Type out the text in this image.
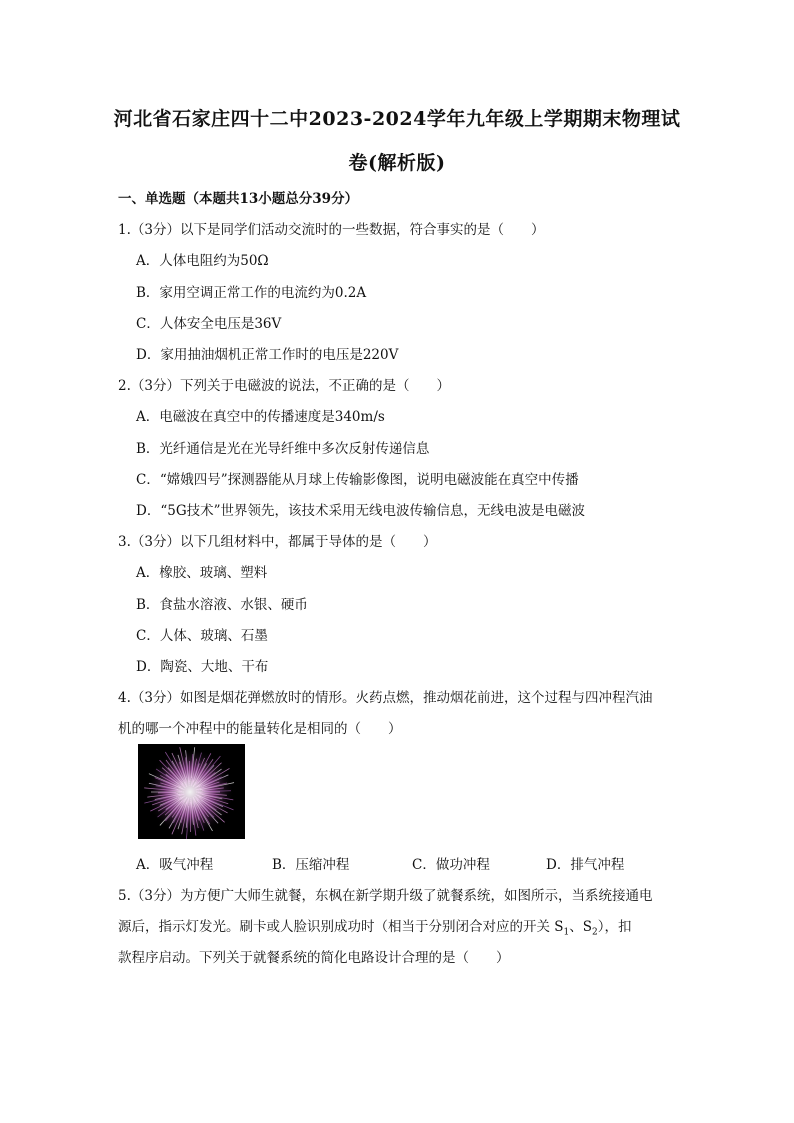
河北省石家庄四十二中2023-2024学年九年级上学期期末物理试
卷(解析版)
一、单选题（本题共13小题总分39分）
1.（3分）以下是同学们活动交流时的一些数据，符合事实的是（　　）
A．人体电阻约为50Ω
B．家用空调正常工作的电流约为0.2A
C．人体安全电压是36V
D．家用抽油烟机正常工作时的电压是220V
2.（3分）下列关于电磁波的说法，不正确的是（　　）
A．电磁波在真空中的传播速度是340m/s
B．光纤通信是光在光导纤维中多次反射传递信息
C．“嫦娥四号”探测器能从月球上传输影像图，说明电磁波能在真空中传播
D．“5G技术”世界领先，该技术采用无线电波传输信息，无线电波是电磁波
3.（3分）以下几组材料中，都属于导体的是（　　）
A．橡胶、玻璃、塑料
B．食盐水溶液、水银、硬币
C．人体、玻璃、石墨
D．陶瓷、大地、干布
4.（3分）如图是烟花弹燃放时的情形。火药点燃，推动烟花前进，这个过程与四冲程汽油
机的哪一个冲程中的能量转化是相同的（　　）
A．吸气冲程	B．压缩冲程	C．做功冲程	D．排气冲程
5.（3分）为方便广大师生就餐，东枫在新学期升级了就餐系统，如图所示，当系统接通电
源后，指示灯发光。刷卡或人脸识别成功时（相当于分别闭合对应的开关 $S_1$、$S_2$），扣
款程序启动。下列关于就餐系统的简化电路设计合理的是（　　）
